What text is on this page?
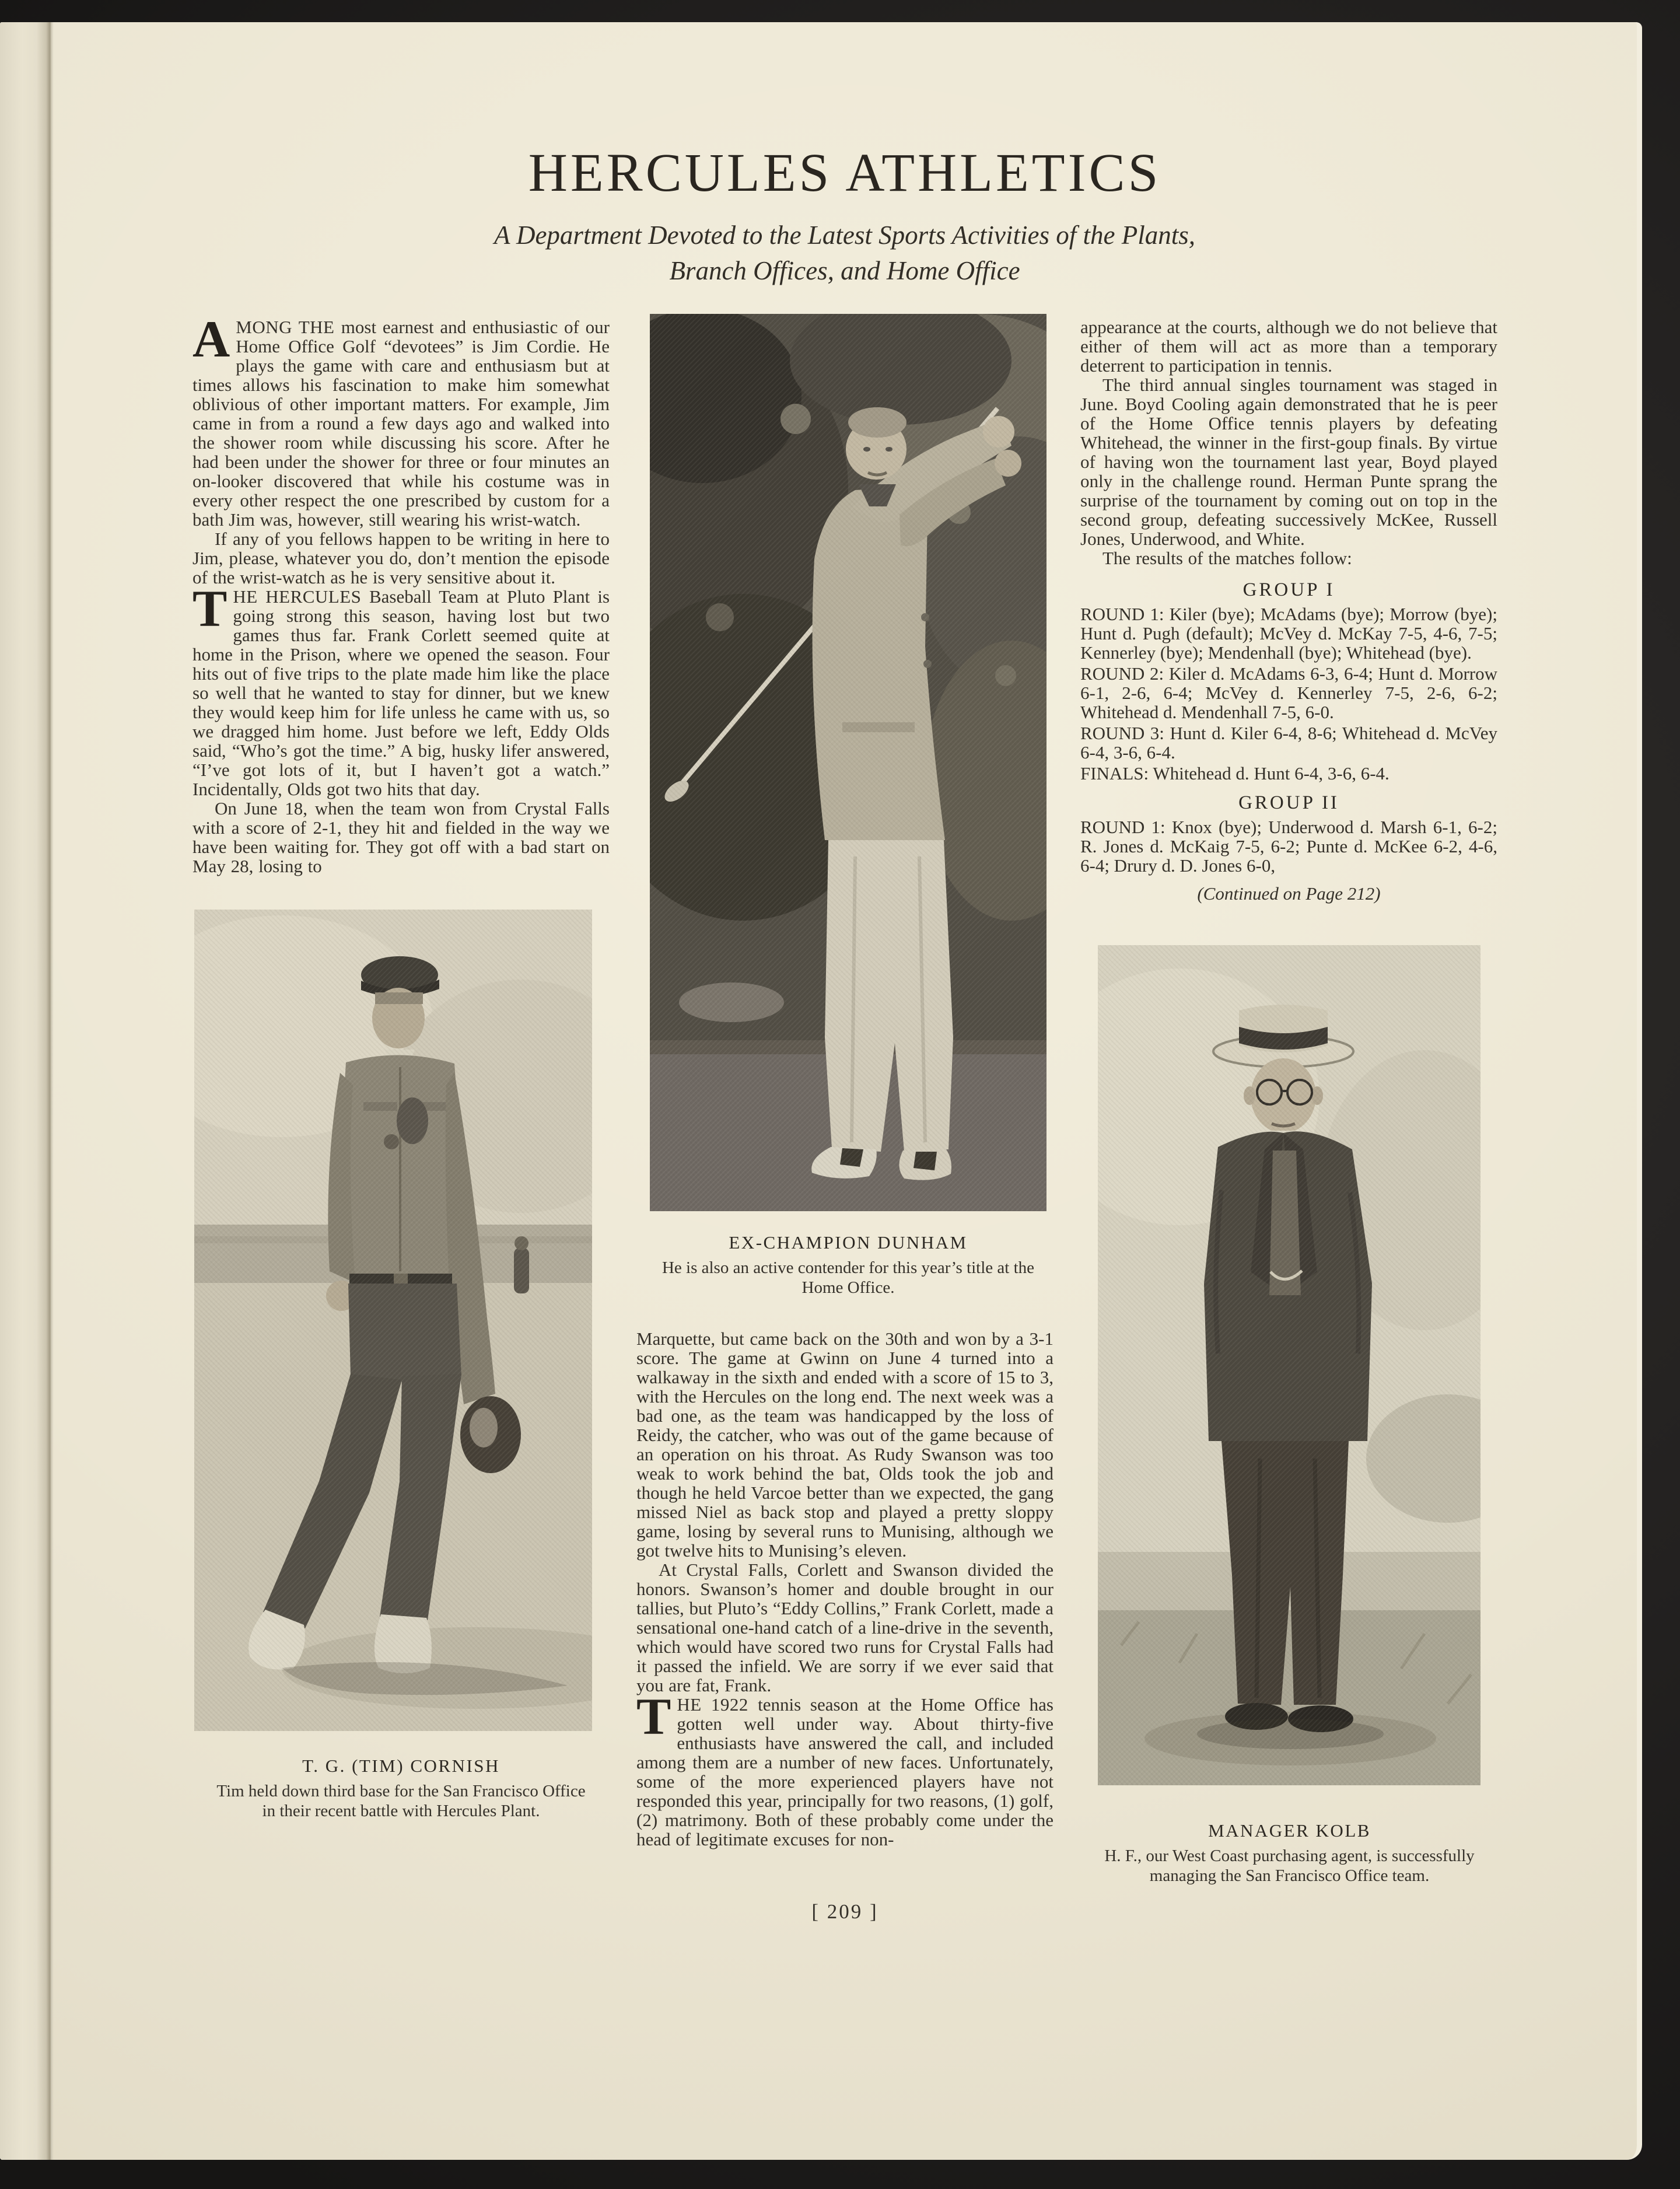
HERCULES ATHLETICS
A Department Devoted to the Latest Sports Activities of the Plants,
Branch Offices, and Home Office

AMONG THE most earnest and enthusiastic of our Home Office Golf “devotees” is Jim Cordie. He plays the game with care and enthusiasm but at times allows his fascination to make him somewhat oblivious of other important matters. For example, Jim came in from a round a few days ago and walked into the shower room while discussing his score. After he had been under the shower for three or four minutes an on-looker discovered that while his costume was in every other respect the one prescribed by custom for a bath Jim was, however, still wearing his wrist-watch.

If any of you fellows happen to be writing in here to Jim, please, whatever you do, don’t mention the episode of the wrist-watch as he is very sensitive about it.

THE HERCULES Baseball Team at Pluto Plant is going strong this season, having lost but two games thus far. Frank Corlett seemed quite at home in the Prison, where we opened the season. Four hits out of five trips to the plate made him like the place so well that he wanted to stay for dinner, but we knew they would keep him for life unless he came with us, so we dragged him home. Just before we left, Eddy Olds said, “Who’s got the time.” A big, husky lifer answered, “I’ve got lots of it, but I haven’t got a watch.” Incidentally, Olds got two hits that day.

On June 18, when the team won from Crystal Falls with a score of 2-1, they hit and fielded in the way we have been waiting for. They got off with a bad start on May 28, losing to

T. G. (TIM) CORNISH

Tim held down third base for the San Francisco Office in their recent battle with Hercules Plant.

EX-CHAMPION DUNHAM

He is also an active contender for this year’s title at the Home Office.

Marquette, but came back on the 30th and won by a 3-1 score. The game at Gwinn on June 4 turned into a walkaway in the sixth and ended with a score of 15 to 3, with the Hercules on the long end. The next week was a bad one, as the team was handicapped by the loss of Reidy, the catcher, who was out of the game because of an operation on his throat. As Rudy Swanson was too weak to work behind the bat, Olds took the job and though he held Varcoe better than we expected, the gang missed Niel as back stop and played a pretty sloppy game, losing by several runs to Munising, although we got twelve hits to Munising’s eleven.

At Crystal Falls, Corlett and Swanson divided the honors. Swanson’s homer and double brought in our tallies, but Pluto’s “Eddy Collins,” Frank Corlett, made a sensational one-hand catch of a line-drive in the seventh, which would have scored two runs for Crystal Falls had it passed the infield. We are sorry if we ever said that you are fat, Frank.

THE 1922 tennis season at the Home Office has gotten well under way. About thirty-five enthusiasts have answered the call, and included among them are a number of new faces. Unfortunately, some of the more experienced players have not responded this year, principally for two reasons, (1) golf, (2) matrimony. Both of these probably come under the head of legitimate excuses for non-

[ 209 ]

appearance at the courts, although we do not believe that either of them will act as more than a temporary deterrent to participation in tennis.

The third annual singles tournament was staged in June. Boyd Cooling again demonstrated that he is peer of the Home Office tennis players by defeating Whitehead, the winner in the first-goup finals. By virtue of having won the tournament last year, Boyd played only in the challenge round. Herman Punte sprang the surprise of the tournament by coming out on top in the second group, defeating successively McKee, Russell Jones, Underwood, and White.

The results of the matches follow:

GROUP I

ROUND 1: Kiler (bye); McAdams (bye); Morrow (bye); Hunt d. Pugh (default); McVey d. McKay 7-5, 4-6, 7-5; Kennerley (bye); Mendenhall (bye); Whitehead (bye).

ROUND 2: Kiler d. McAdams 6-3, 6-4; Hunt d. Morrow 6-1, 2-6, 6-4; McVey d. Kennerley 7-5, 2-6, 6-2; Whitehead d. Mendenhall 7-5, 6-0.

ROUND 3: Hunt d. Kiler 6-4, 8-6; Whitehead d. McVey 6-4, 3-6, 6-4.

FINALS: Whitehead d. Hunt 6-4, 3-6, 6-4.

GROUP II

ROUND 1: Knox (bye); Underwood d. Marsh 6-1, 6-2; R. Jones d. McKaig 7-5, 6-2; Punte d. McKee 6-2, 4-6, 6-4; Drury d. D. Jones 6-0,

(Continued on Page 212)

MANAGER KOLB

H. F., our West Coast purchasing agent, is successfully managing the San Francisco Office team.
